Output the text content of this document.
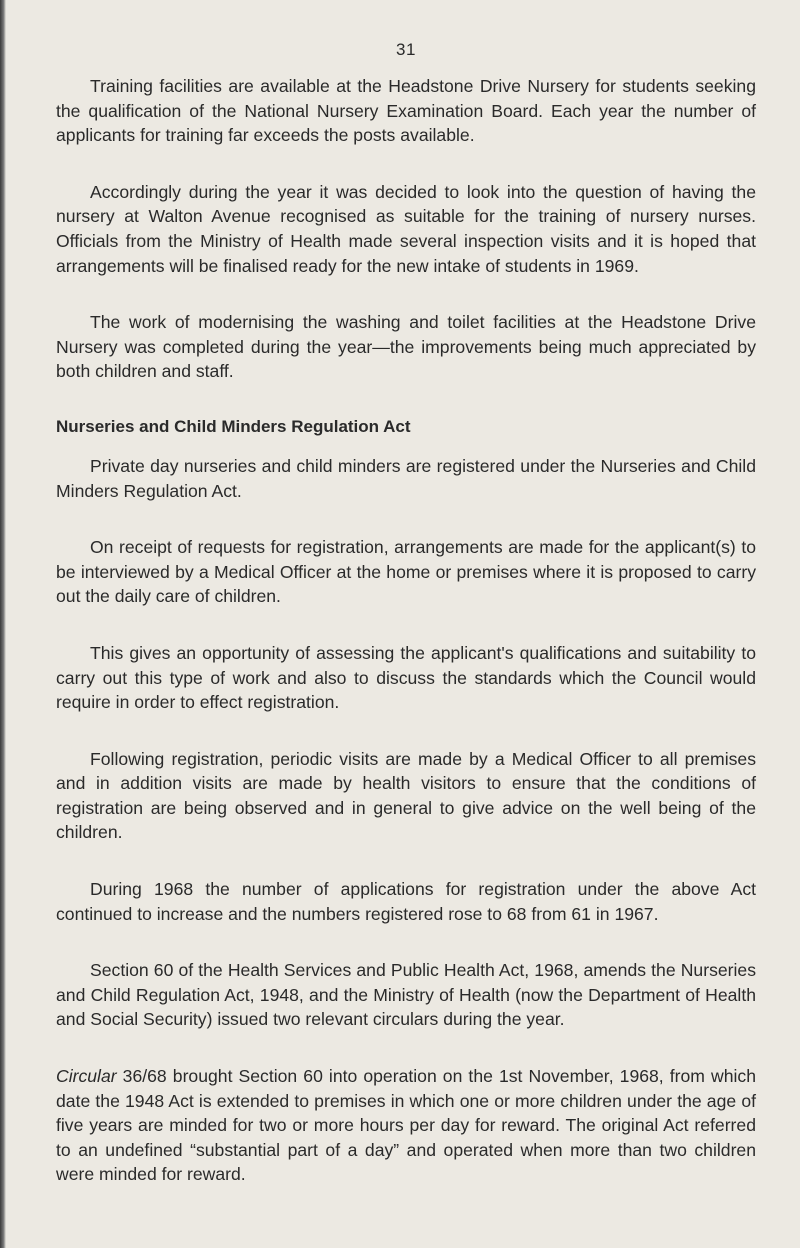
31

Training facilities are available at the Headstone Drive Nursery for students seeking the qualification of the National Nursery Examination Board. Each year the number of applicants for training far exceeds the posts available.

Accordingly during the year it was decided to look into the question of having the nursery at Walton Avenue recognised as suitable for the training of nursery nurses. Officials from the Ministry of Health made several inspection visits and it is hoped that arrangements will be finalised ready for the new intake of students in 1969.

The work of modernising the washing and toilet facilities at the Headstone Drive Nursery was completed during the year—the improvements being much appreciated by both children and staff.

Nurseries and Child Minders Regulation Act

Private day nurseries and child minders are registered under the Nurseries and Child Minders Regulation Act.

On receipt of requests for registration, arrangements are made for the applicant(s) to be interviewed by a Medical Officer at the home or premises where it is proposed to carry out the daily care of children.

This gives an opportunity of assessing the applicant's qualifications and suitability to carry out this type of work and also to discuss the standards which the Council would require in order to effect registration.

Following registration, periodic visits are made by a Medical Officer to all premises and in addition visits are made by health visitors to ensure that the conditions of registration are being observed and in general to give advice on the well being of the children.

During 1968 the number of applications for registration under the above Act continued to increase and the numbers registered rose to 68 from 61 in 1967.

Section 60 of the Health Services and Public Health Act, 1968, amends the Nurseries and Child Regulation Act, 1948, and the Ministry of Health (now the Department of Health and Social Security) issued two relevant circulars during the year.

Circular 36/68 brought Section 60 into operation on the 1st November, 1968, from which date the 1948 Act is extended to premises in which one or more children under the age of five years are minded for two or more hours per day for reward. The original Act referred to an undefined “substantial part of a day” and operated when more than two children were minded for reward.
